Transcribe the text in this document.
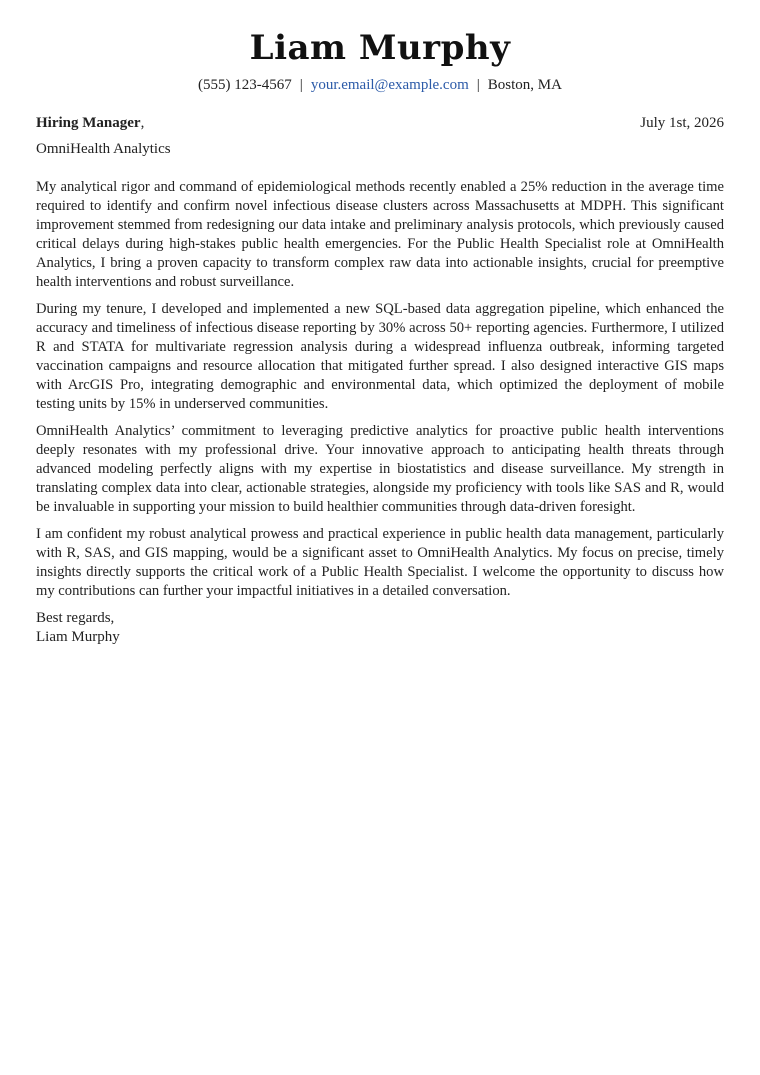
Liam Murphy
(555) 123-4567 | your.email@example.com | Boston, MA
Hiring Manager,	July 1st, 2026
OmniHealth Analytics

My analytical rigor and command of epidemiological methods recently enabled a 25% reduction in the average time required to identify and confirm novel infectious disease clusters across Massachusetts at MDPH. This significant improvement stemmed from redesigning our data intake and preliminary analysis protocols, which previously caused critical delays during high-stakes public health emergencies. For the Public Health Specialist role at OmniHealth Analytics, I bring a proven capacity to transform complex raw data into actionable insights, crucial for preemptive health interventions and robust surveillance.

During my tenure, I developed and implemented a new SQL-based data aggregation pipeline, which enhanced the accuracy and timeliness of infectious disease reporting by 30% across 50+ reporting agencies. Furthermore, I utilized R and STATA for multivariate regression analysis during a widespread influenza outbreak, informing targeted vaccination campaigns and resource allocation that mitigated further spread. I also designed interactive GIS maps with ArcGIS Pro, integrating demographic and environmental data, which optimized the deployment of mobile testing units by 15% in underserved communities.

OmniHealth Analytics’ commitment to leveraging predictive analytics for proactive public health interventions deeply resonates with my professional drive. Your innovative approach to anticipating health threats through advanced modeling perfectly aligns with my expertise in biostatistics and disease surveillance. My strength in translating complex data into clear, actionable strategies, alongside my proficiency with tools like SAS and R, would be invaluable in supporting your mission to build healthier communities through data-driven foresight.

I am confident my robust analytical prowess and practical experience in public health data management, particularly with R, SAS, and GIS mapping, would be a significant asset to OmniHealth Analytics. My focus on precise, timely insights directly supports the critical work of a Public Health Specialist. I welcome the opportunity to discuss how my contributions can further your impactful initiatives in a detailed conversation.

Best regards,
Liam Murphy
